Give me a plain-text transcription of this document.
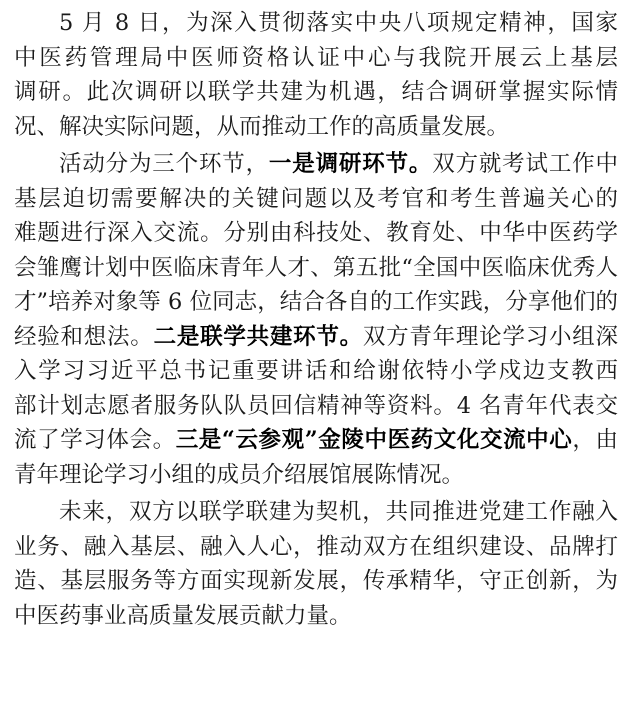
5 月 8 日，为深入贯彻落实中央八项规定精神，国家
中医药管理局中医师资格认证中心与我院开展云上基层
调研。此次调研以联学共建为机遇，结合调研掌握实际情
况、解决实际问题，从而推动工作的高质量发展。
活动分为三个环节，一是调研环节。双方就考试工作中
基层迫切需要解决的关键问题以及考官和考生普遍关心的
难题进行深入交流。分别由科技处、教育处、中华中医药学
会雏鹰计划中医临床青年人才、第五批“全国中医临床优秀人
才”培养对象等 6 位同志，结合各自的工作实践，分享他们的
经验和想法。二是联学共建环节。双方青年理论学习小组深
入学习习近平总书记重要讲话和给谢依特小学戍边支教西
部计划志愿者服务队队员回信精神等资料。4 名青年代表交
流了学习体会。三是“云参观”金陵中医药文化交流中心，由
青年理论学习小组的成员介绍展馆展陈情况。
未来，双方以联学联建为契机，共同推进党建工作融入
业务、融入基层、融入人心，推动双方在组织建设、品牌打
造、基层服务等方面实现新发展，传承精华，守正创新，为
中医药事业高质量发展贡献力量。
